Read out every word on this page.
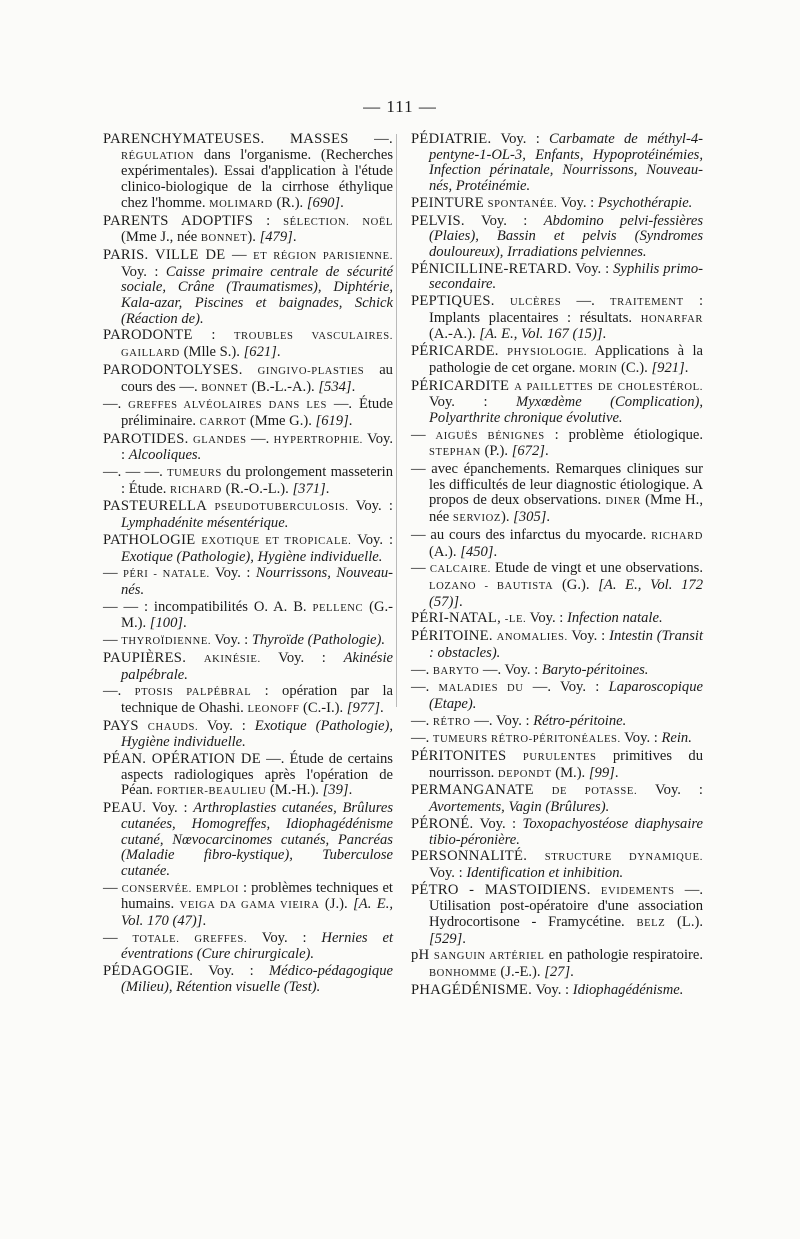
— 111 —

PARENCHYMATEUSES. MASSES —. RÉGULATION dans l'organisme. (Recherches expérimentales). Essai d'application à l'étude clinico-biologique de la cirrhose éthylique chez l'homme. MOLIMARD (R.). [690].

PARENTS ADOPTIFS : SÉLECTION. NOËL (Mme J., née BONNET). [479].

PARIS. VILLE DE — ET RÉGION PARISIENNE. Voy. : Caisse primaire centrale de sécurité sociale, Crâne (Traumatismes), Diphtérie, Kala-azar, Piscines et baignades, Schick (Réaction de).

PARODONTE : TROUBLES VASCULAIRES. GAILLARD (Mlle S.). [621].

PARODONTOLYSES. GINGIVO-PLASTIES au cours des —. BONNET (B.-L.-A.). [534].

—. GREFFES ALVÉOLAIRES DANS LES —. Étude préliminaire. CARROT (Mme G.). [619].

PAROTIDES. GLANDES —. HYPERTROPHIE. Voy. : Alcooliques.

—. — —. TUMEURS du prolongement masseterin : Étude. RICHARD (R.-O.-L.). [371].

PASTEURELLA PSEUDOTUBERCULOSIS. Voy. : Lymphadénite mésentérique.

PATHOLOGIE EXOTIQUE ET TROPICALE. Voy. : Exotique (Pathologie), Hygiène individuelle.

— PÉRI - NATALE. Voy. : Nourrissons, Nouveau-nés.

— — : incompatibilités O. A. B. PELLENC (G.-M.). [100].

— THYROÏDIENNE. Voy. : Thyroïde (Pathologie).

PAUPIÈRES. AKINÉSIE. Voy. : Akinésie palpébrale.

—. PTOSIS PALPÉBRAL : opération par la technique de Ohashi. LEONOFF (C.-I.). [977].

PAYS CHAUDS. Voy. : Exotique (Pathologie), Hygiène individuelle.

PÉAN. OPÉRATION DE —. Étude de certains aspects radiologiques après l'opération de Péan. FORTIER-BEAULIEU (M.-H.). [39].

PEAU. Voy. : Arthroplasties cutanées, Brûlures cutanées, Homogreffes, Idiophagédénisme cutané, Nœvocarcinomes cutanés, Pancréas (Maladie fibro-kystique), Tuberculose cutanée.

— CONSERVÉE. EMPLOI : problèmes techniques et humains. VEIGA DA GAMA VIEIRA (J.). [A. E., Vol. 170 (47)].

— TOTALE. GREFFES. Voy. : Hernies et éventrations (Cure chirurgicale).

PÉDAGOGIE. Voy. : Médico-pédagogique (Milieu), Rétention visuelle (Test).

PÉDIATRIE. Voy. : Carbamate de méthyl-4-pentyne-1-OL-3, Enfants, Hypoprotéinémies, Infection périnatale, Nourrissons, Nouveau-nés, Protéinémie.

PEINTURE SPONTANÉE. Voy. : Psychothérapie.

PELVIS. Voy. : Abdomino pelvi-fessières (Plaies), Bassin et pelvis (Syndromes douloureux), Irradiations pelviennes.

PÉNICILLINE-RETARD. Voy. : Syphilis primo-secondaire.

PEPTIQUES. ULCÈRES —. TRAITEMENT : Implants placentaires : résultats. HONARFAR (A.-A.). [A. E., Vol. 167 (15)].

PÉRICARDE. PHYSIOLOGIE. Applications à la pathologie de cet organe. MORIN (C.). [921].

PÉRICARDITE A PAILLETTES DE CHOLESTÉROL. Voy. : Myxœdème (Complication), Polyarthrite chronique évolutive.

— AIGUËS BÉNIGNES : problème étiologique. STEPHAN (P.). [672].

— avec épanchements. Remarques cliniques sur les difficultés de leur diagnostic étiologique. A propos de deux observations. DINER (Mme H., née SERVIOZ). [305].

— au cours des infarctus du myocarde. RICHARD (A.). [450].

— CALCAIRE. Etude de vingt et une observations. LOZANO - BAUTISTA (G.). [A. E., Vol. 172 (57)].

PÉRI-NATAL, -LE. Voy. : Infection natale.

PÉRITOINE. ANOMALIES. Voy. : Intestin (Transit : obstacles).

—. BARYTO —. Voy. : Baryto-péritoines.

—. MALADIES DU —. Voy. : Laparoscopique (Etape).

—. RÉTRO —. Voy. : Rétro-péritoine.

—. TUMEURS RÉTRO-PÉRITONÉALES. Voy. : Rein.

PÉRITONITES PURULENTES primitives du nourrisson. DEPONDT (M.). [99].

PERMANGANATE DE POTASSE. Voy. : Avortements, Vagin (Brûlures).

PÉRONÉ. Voy. : Toxopachyostéose diaphysaire tibio-péronière.

PERSONNALITÉ. STRUCTURE DYNAMIQUE. Voy. : Identification et inhibition.

PÉTRO - MASTOIDIENS. EVIDEMENTS —. Utilisation post-opératoire d'une association Hydrocortisone - Framycétine. BELZ (L.). [529].

pH SANGUIN ARTÉRIEL en pathologie respiratoire. BONHOMME (J.-E.). [27].

PHAGÉDÉNISME. Voy. : Idiophagédénisme.
